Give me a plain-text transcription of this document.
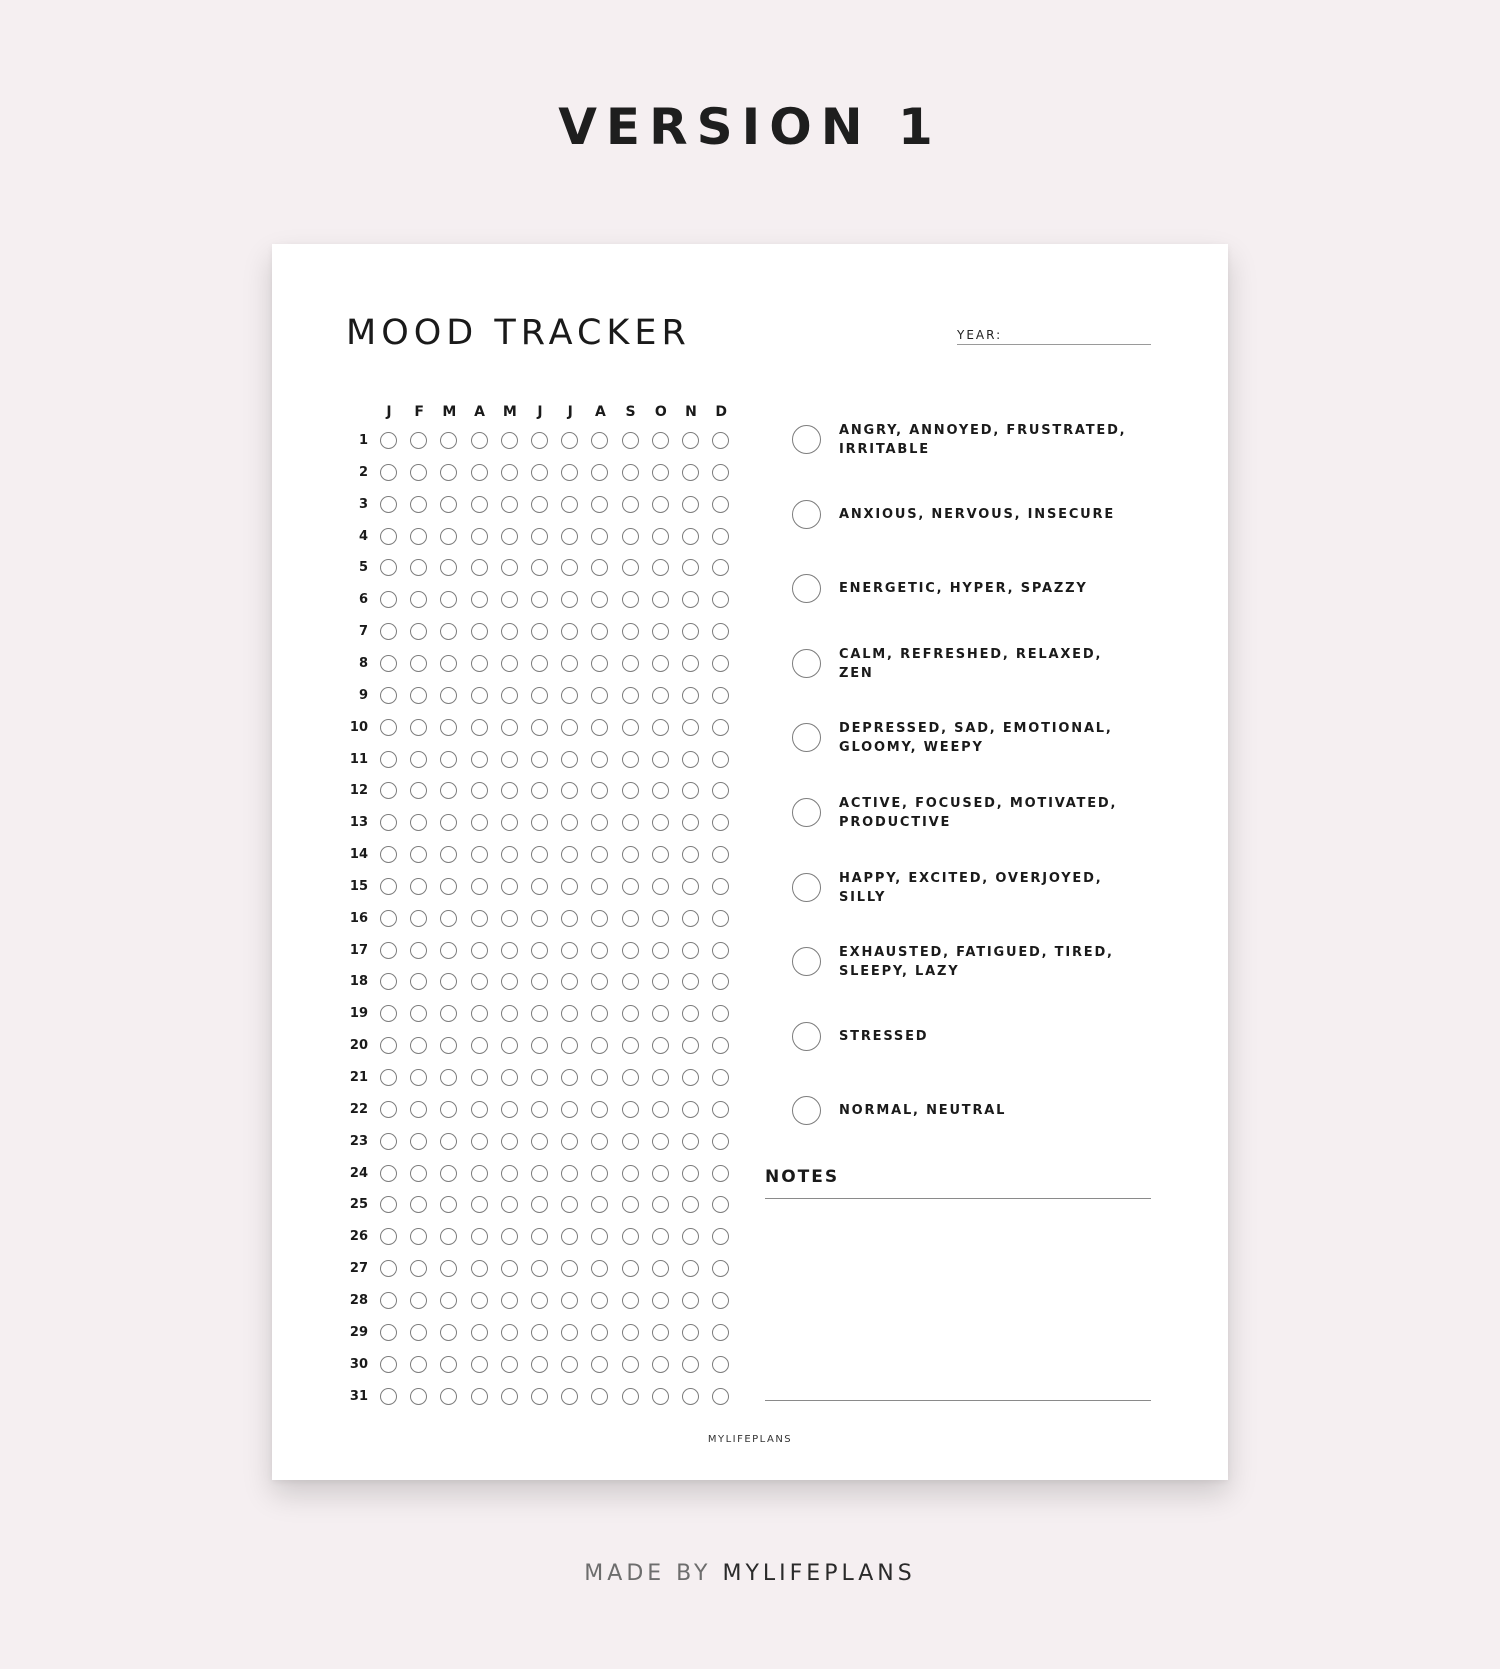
VERSION 1
MOOD TRACKER	YEAR:
J	F	M	A	M	J	J	A	S	O N D
1
2
3
4
5
6
7
8
9
10
11
12
13
14
15
16
17
18
19
20
21
22
23
24
25
26
27
28
29
30
31
ANGRY, ANNOYED, FRUSTRATED,
IRRITABLE
ANXIOUS, NERVOUS, INSECURE
ENERGETIC, HYPER, SPAZZY
CALM, REFRESHED, RELAXED,
ZEN
DEPRESSED, SAD, EMOTIONAL,
GLOOMY, WEEPY
ACTIVE, FOCUSED, MOTIVATED,
PRODUCTIVE
HAPPY, EXCITED, OVERJOYED,
SILLY
EXHAUSTED, FATIGUED, TIRED,
SLEEPY, LAZY
STRESSED
NORMAL, NEUTRAL
NOTES
MYLIFEPLANS
MADE BY MYLIFEPLANS
